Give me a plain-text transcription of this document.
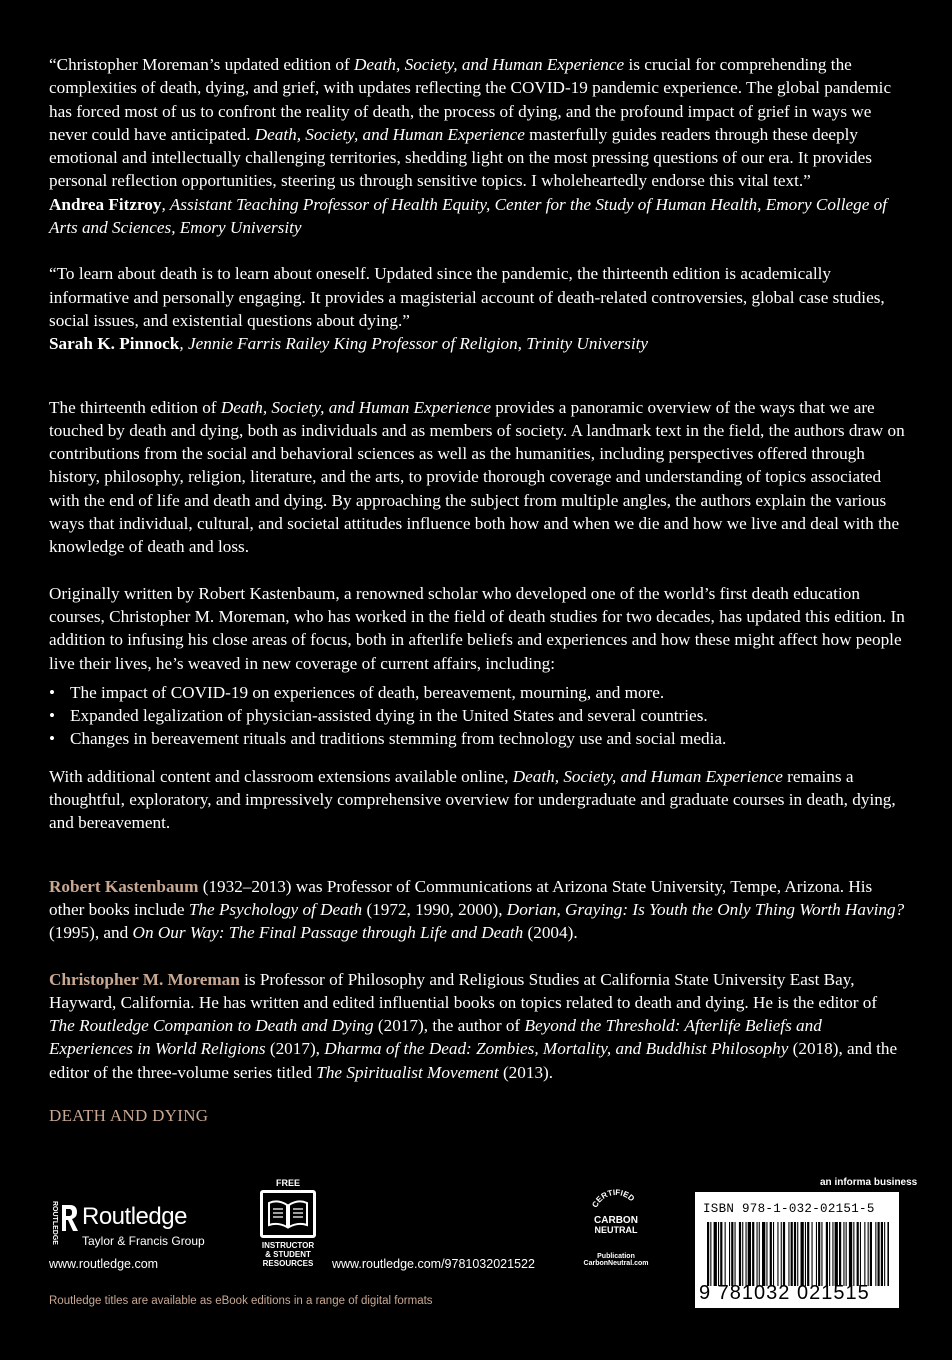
“Christopher Moreman’s updated edition of Death, Society, and Human Experience is crucial for comprehending the complexities of death, dying, and grief, with updates reflecting the COVID-19 pandemic experience. The global pandemic has forced most of us to confront the reality of death, the process of dying, and the profound impact of grief in ways we never could have anticipated. Death, Society, and Human Experience masterfully guides readers through these deeply emotional and intellectually challenging territories, shedding light on the most pressing questions of our era. It provides personal reflection opportunities, steering us through sensitive topics. I wholeheartedly endorse this vital text.”
Andrea Fitzroy, Assistant Teaching Professor of Health Equity, Center for the Study of Human Health, Emory College of Arts and Sciences, Emory University

“To learn about death is to learn about oneself. Updated since the pandemic, the thirteenth edition is academically informative and personally engaging. It provides a magisterial account of death-related controversies, global case studies, social issues, and existential questions about dying.”
Sarah K. Pinnock, Jennie Farris Railey King Professor of Religion, Trinity University

The thirteenth edition of Death, Society, and Human Experience provides a panoramic overview of the ways that we are touched by death and dying, both as individuals and as members of society. A landmark text in the field, the authors draw on contributions from the social and behavioral sciences as well as the humanities, including perspectives offered through history, philosophy, religion, literature, and the arts, to provide thorough coverage and understanding of topics associated with the end of life and death and dying. By approaching the subject from multiple angles, the authors explain the various ways that individual, cultural, and societal attitudes influence both how and when we die and how we live and deal with the knowledge of death and loss.

Originally written by Robert Kastenbaum, a renowned scholar who developed one of the world’s first death education courses, Christopher M. Moreman, who has worked in the field of death studies for two decades, has updated this edition. In addition to infusing his close areas of focus, both in afterlife beliefs and experiences and how these might affect how people live their lives, he’s weaved in new coverage of current affairs, including:

• The impact of COVID-19 on experiences of death, bereavement, mourning, and more.
• Expanded legalization of physician-assisted dying in the United States and several countries.
• Changes in bereavement rituals and traditions stemming from technology use and social media.

With additional content and classroom extensions available online, Death, Society, and Human Experience remains a thoughtful, exploratory, and impressively comprehensive overview for undergraduate and graduate courses in death, dying, and bereavement.

Robert Kastenbaum (1932–2013) was Professor of Communications at Arizona State University, Tempe, Arizona. His other books include The Psychology of Death (1972, 1990, 2000), Dorian, Graying: Is Youth the Only Thing Worth Having? (1995), and On Our Way: The Final Passage through Life and Death (2004).

Christopher M. Moreman is Professor of Philosophy and Religious Studies at California State University East Bay, Hayward, California. He has written and edited influential books on topics related to death and dying. He is the editor of The Routledge Companion to Death and Dying (2017), the author of Beyond the Threshold: Afterlife Beliefs and Experiences in World Religions (2017), Dharma of the Dead: Zombies, Mortality, and Buddhist Philosophy (2018), and the editor of the three-volume series titled The Spiritualist Movement (2013).

DEATH AND DYING
ROUTLEDGE Routledge
Taylor & Francis Group
www.routledge.com
FREE
INSTRUCTOR
& STUDENT
RESOURCES	www.routledge.com/9781032021522
CERTIFIED
CARBON
NEUTRAL
Publication
CarbonNeutral.com
an informa business
ISBN 978-1-032-02151-5
9 781032 021515
Routledge titles are available as eBook editions in a range of digital formats
